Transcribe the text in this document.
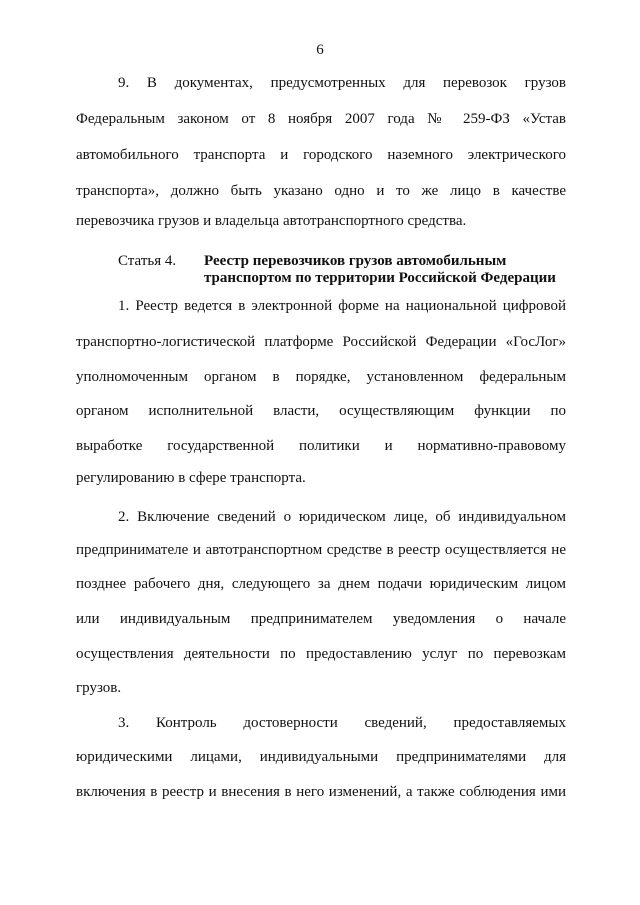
6
9. В документах, предусмотренных для перевозок грузов
Федеральным законом от 8 ноября 2007 года № 259-ФЗ «Устав
автомобильного транспорта и городского наземного электрического
транспорта», должно быть указано одно и то же лицо в качестве
перевозчика грузов и владельца автотранспортного средства.
Статья 4. Реестр перевозчиков грузов автомобильным
транспортом по территории Российской Федерации
1. Реестр ведется в электронной форме на национальной цифровой
транспортно-логистической платформе Российской Федерации «ГосЛог»
уполномоченным органом в порядке, установленном федеральным
органом исполнительной власти, осуществляющим функции по
выработке государственной политики и нормативно-правовому
регулированию в сфере транспорта.
2. Включение сведений о юридическом лице, об индивидуальном
предпринимателе и автотранспортном средстве в реестр осуществляется не
позднее рабочего дня, следующего за днем подачи юридическим лицом
или индивидуальным предпринимателем уведомления о начале
осуществления деятельности по предоставлению услуг по перевозкам
грузов.
3. Контроль достоверности сведений, предоставляемых
юридическими лицами, индивидуальными предпринимателями для
включения в реестр и внесения в него изменений, а также соблюдения ими
